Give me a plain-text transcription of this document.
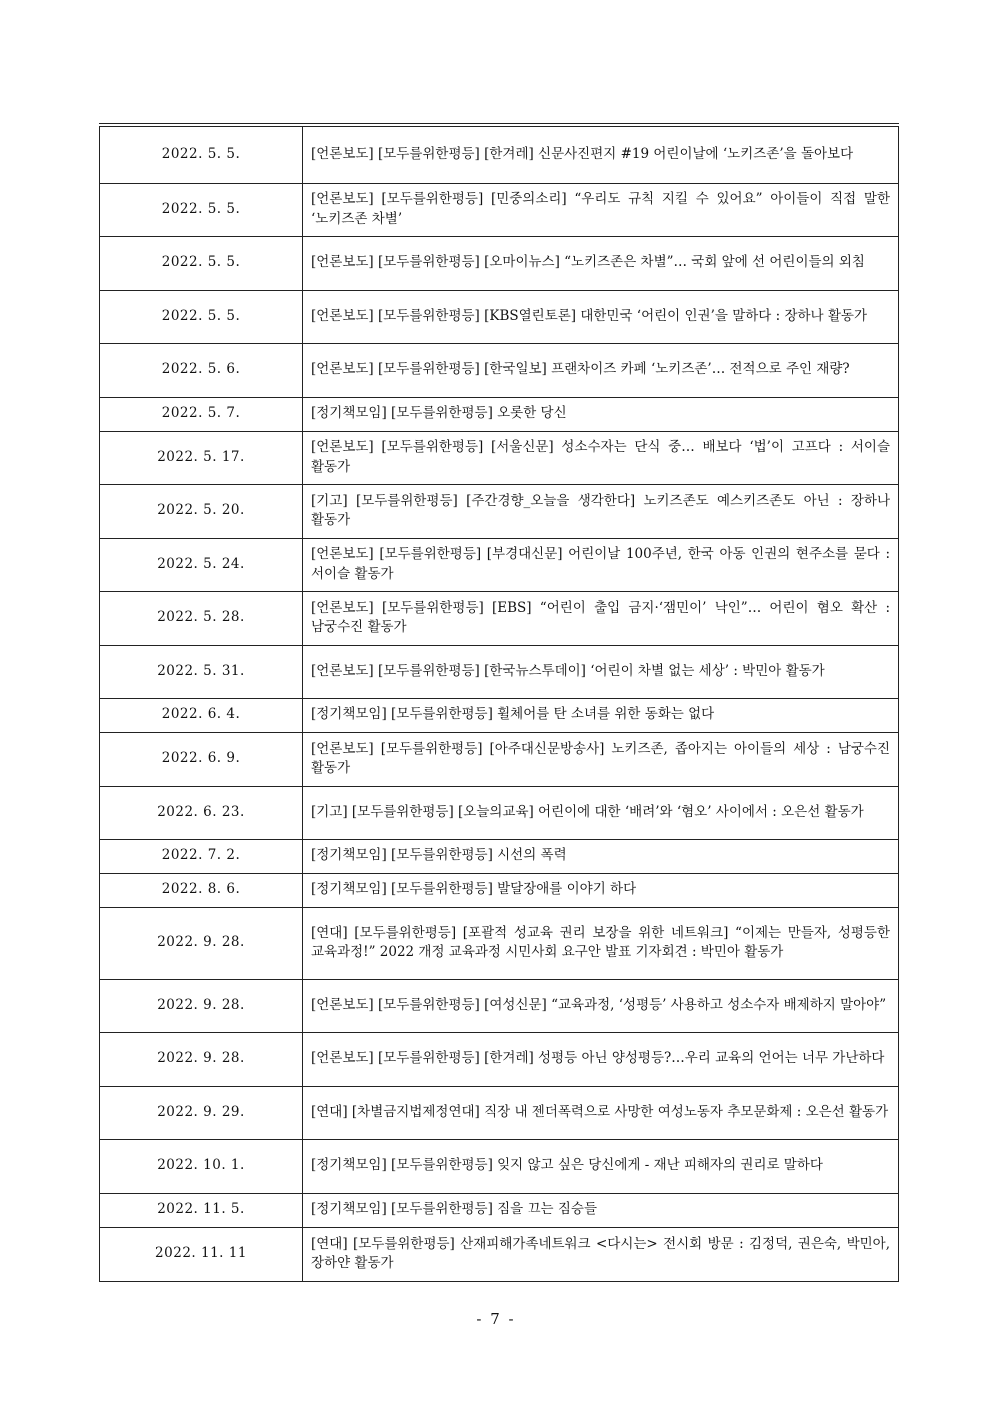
2022. 5. 5.	[언론보도] [모두를위한평등] [한겨레] 신문사진편지 #19 어린이날에 ‘노키즈존’을 돌아보다
2022. 5. 5.	[언론보도] [모두를위한평등] [민중의소리] “우리도 규칙 지킬 수 있어요” 아이들이 직접 말한 ‘노키즈존 차별’
2022. 5. 5.	[언론보도] [모두를위한평등] [오마이뉴스] “노키즈존은 차별”… 국회 앞에 선 어린이들의 외침
2022. 5. 5.	[언론보도] [모두를위한평등] [KBS열린토론] 대한민국 ‘어린이 인권’을 말하다 : 장하나 활동가
2022. 5. 6.	[언론보도] [모두를위한평등] [한국일보] 프랜차이즈 카페 ‘노키즈존’… 전적으로 주인 재량?
2022. 5. 7.	[정기책모임] [모두를위한평등] 오롯한 당신
2022. 5. 17.	[언론보도] [모두를위한평등] [서울신문] 성소수자는 단식 중… 배보다 ‘법’이 고프다 : 서이슬 활동가
2022. 5. 20.	[기고] [모두를위한평등] [주간경향_오늘을 생각한다] 노키즈존도 예스키즈존도 아닌 : 장하나 활동가
2022. 5. 24.	[언론보도] [모두를위한평등] [부경대신문] 어린이날 100주년, 한국 아동 인권의 현주소를 묻다 : 서이슬 활동가
2022. 5. 28.	[언론보도] [모두를위한평등] [EBS] “어린이 출입 금지·‘잼민이’ 낙인”… 어린이 혐오 확산 : 남궁수진 활동가
2022. 5. 31.	[언론보도] [모두를위한평등] [한국뉴스투데이] ‘어린이 차별 없는 세상’ : 박민아 활동가
2022. 6. 4.	[정기책모임] [모두를위한평등] 휠체어를 탄 소녀를 위한 동화는 없다
2022. 6. 9.	[언론보도] [모두를위한평등] [아주대신문방송사] 노키즈존, 좁아지는 아이들의 세상 : 남궁수진 활동가
2022. 6. 23.	[기고] [모두를위한평등] [오늘의교육] 어린이에 대한 ‘배려’와 ‘혐오’ 사이에서 : 오은선 활동가
2022. 7. 2.	[정기책모임] [모두를위한평등] 시선의 폭력
2022. 8. 6.	[정기책모임] [모두를위한평등] 발달장애를 이야기 하다
2022. 9. 28.	[연대] [모두를위한평등] [포괄적 성교육 권리 보장을 위한 네트워크] “이제는 만들자, 성평등한 교육과정!” 2022 개정 교육과정 시민사회 요구안 발표 기자회견 : 박민아 활동가
2022. 9. 28.	[언론보도] [모두를위한평등] [여성신문] “교육과정, ‘성평등’ 사용하고 성소수자 배제하지 말아야”
2022. 9. 28.	[언론보도] [모두를위한평등] [한겨레] 성평등 아닌 양성평등?…우리 교육의 언어는 너무 가난하다
2022. 9. 29.	[연대] [차별금지법제정연대] 직장 내 젠더폭력으로 사망한 여성노동자 추모문화제 : 오은선 활동가
2022. 10. 1.	[정기책모임] [모두를위한평등] 잊지 않고 싶은 당신에게 - 재난 피해자의 권리로 말하다
2022. 11. 5.	[정기책모임] [모두를위한평등] 짐을 끄는 짐승들
2022. 11. 11	[연대] [모두를위한평등] 산재피해가족네트워크 <다시는> 전시회 방문 : 김정덕, 권은숙, 박민아, 장하얀 활동가
- 7 -
